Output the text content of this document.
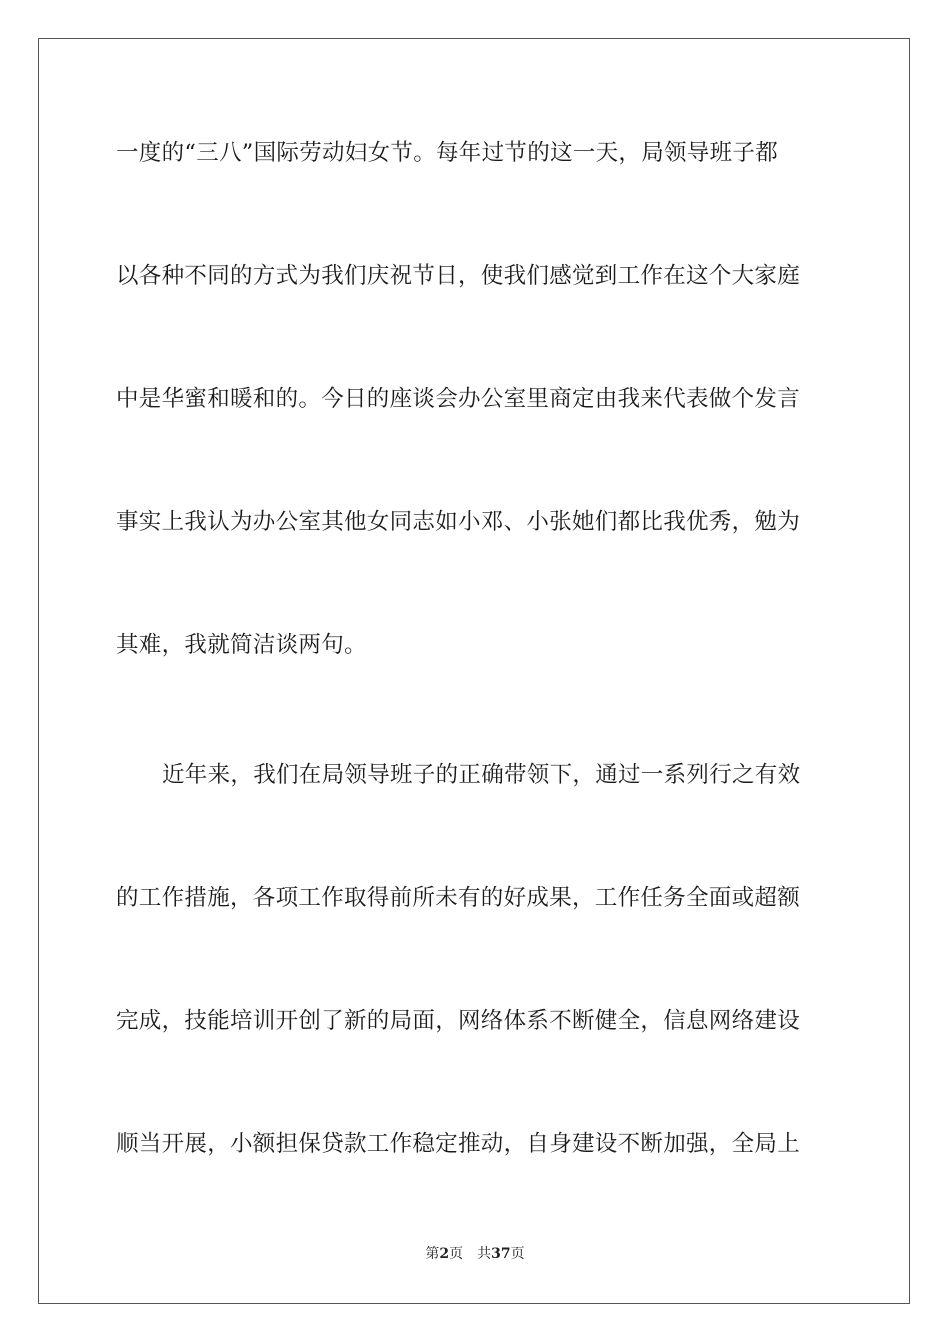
一度的“三八”国际劳动妇女节。每年过节的这一天，局领导班子都
以各种不同的方式为我们庆祝节日，使我们感觉到工作在这个大家庭
中是华蜜和暖和的。今日的座谈会办公室里商定由我来代表做个发言
事实上我认为办公室其他女同志如小邓、小张她们都比我优秀，勉为
其难，我就简洁谈两句。
近年来，我们在局领导班子的正确带领下，通过一系列行之有效
的工作措施，各项工作取得前所未有的好成果，工作任务全面或超额
完成，技能培训开创了新的局面，网络体系不断健全，信息网络建设
顺当开展，小额担保贷款工作稳定推动，自身建设不断加强，全局上
第2页 共37页
